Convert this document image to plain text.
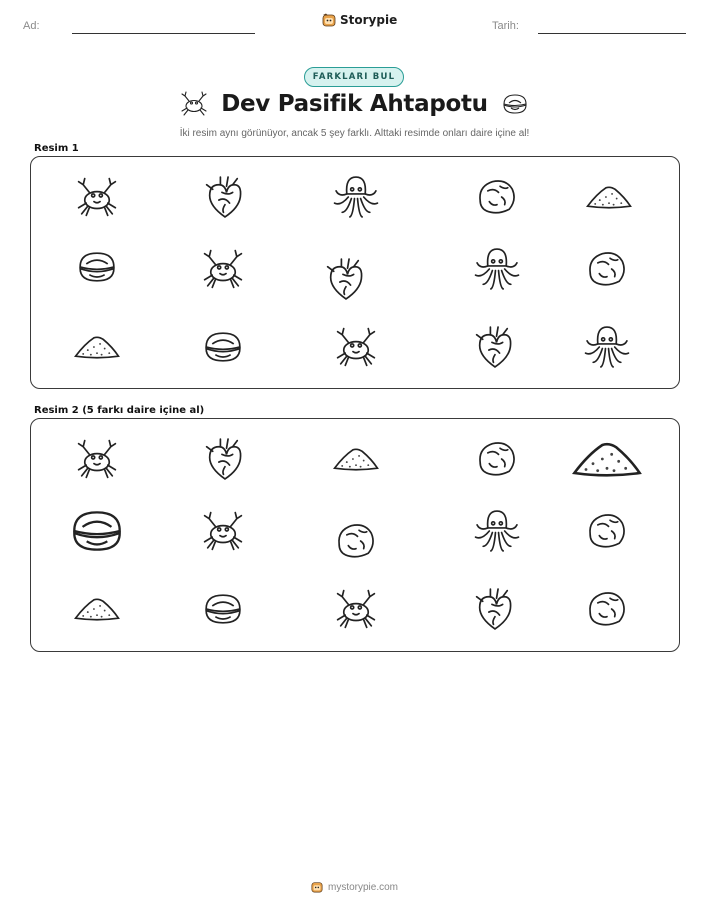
Ad:	Storypie	Tarih:
FARKLARI BUL
Dev Pasifik Ahtapotu
İki resim aynı görünüyor, ancak 5 şey farklı. Alttaki resimde onları daire içine al!
Resim 1
Resim 2 (5 farkı daire içine al)
mystorypie.com
